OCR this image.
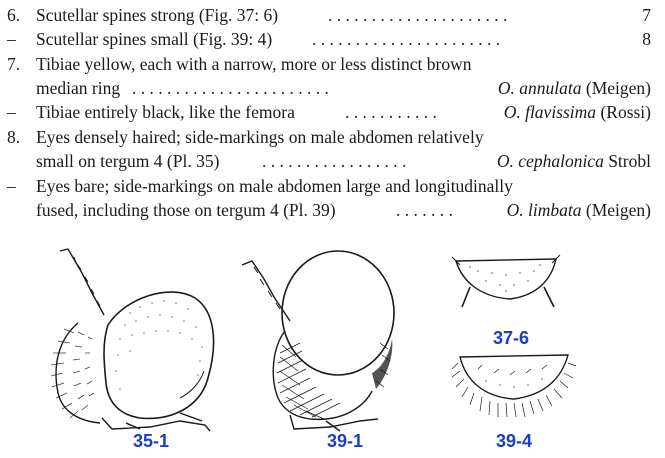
6. Scutellar spines strong (Fig. 37: 6)	. . . . . . . . . . . . . . . . . . . . .	7
– Scutellar spines small (Fig. 39: 4) . . . . . . . . . . . . . . . . . . . . . .	8
7. Tibiae yellow, each with a narrow, more or less distinct brown
median ring . . . . . . . . . . . . . . . . . . . . . . .	O. annulata (Meigen)
– Tibiae entirely black, like the femora	. . . . . . . . . . .	O. flavissima (Rossi)
8. Eyes densely haired; side-markings on male abdomen relatively
small on tergum 4 (Pl. 35) . . . . . . . . . . . . . . . . .	O. cephalonica Strobl
– Eyes bare; side-markings on male abdomen large and longitudinally
fused, including those on tergum 4 (Pl. 39)	. . . . . . .	O. limbata (Meigen)
35-1	39-1
37-6
39-4
